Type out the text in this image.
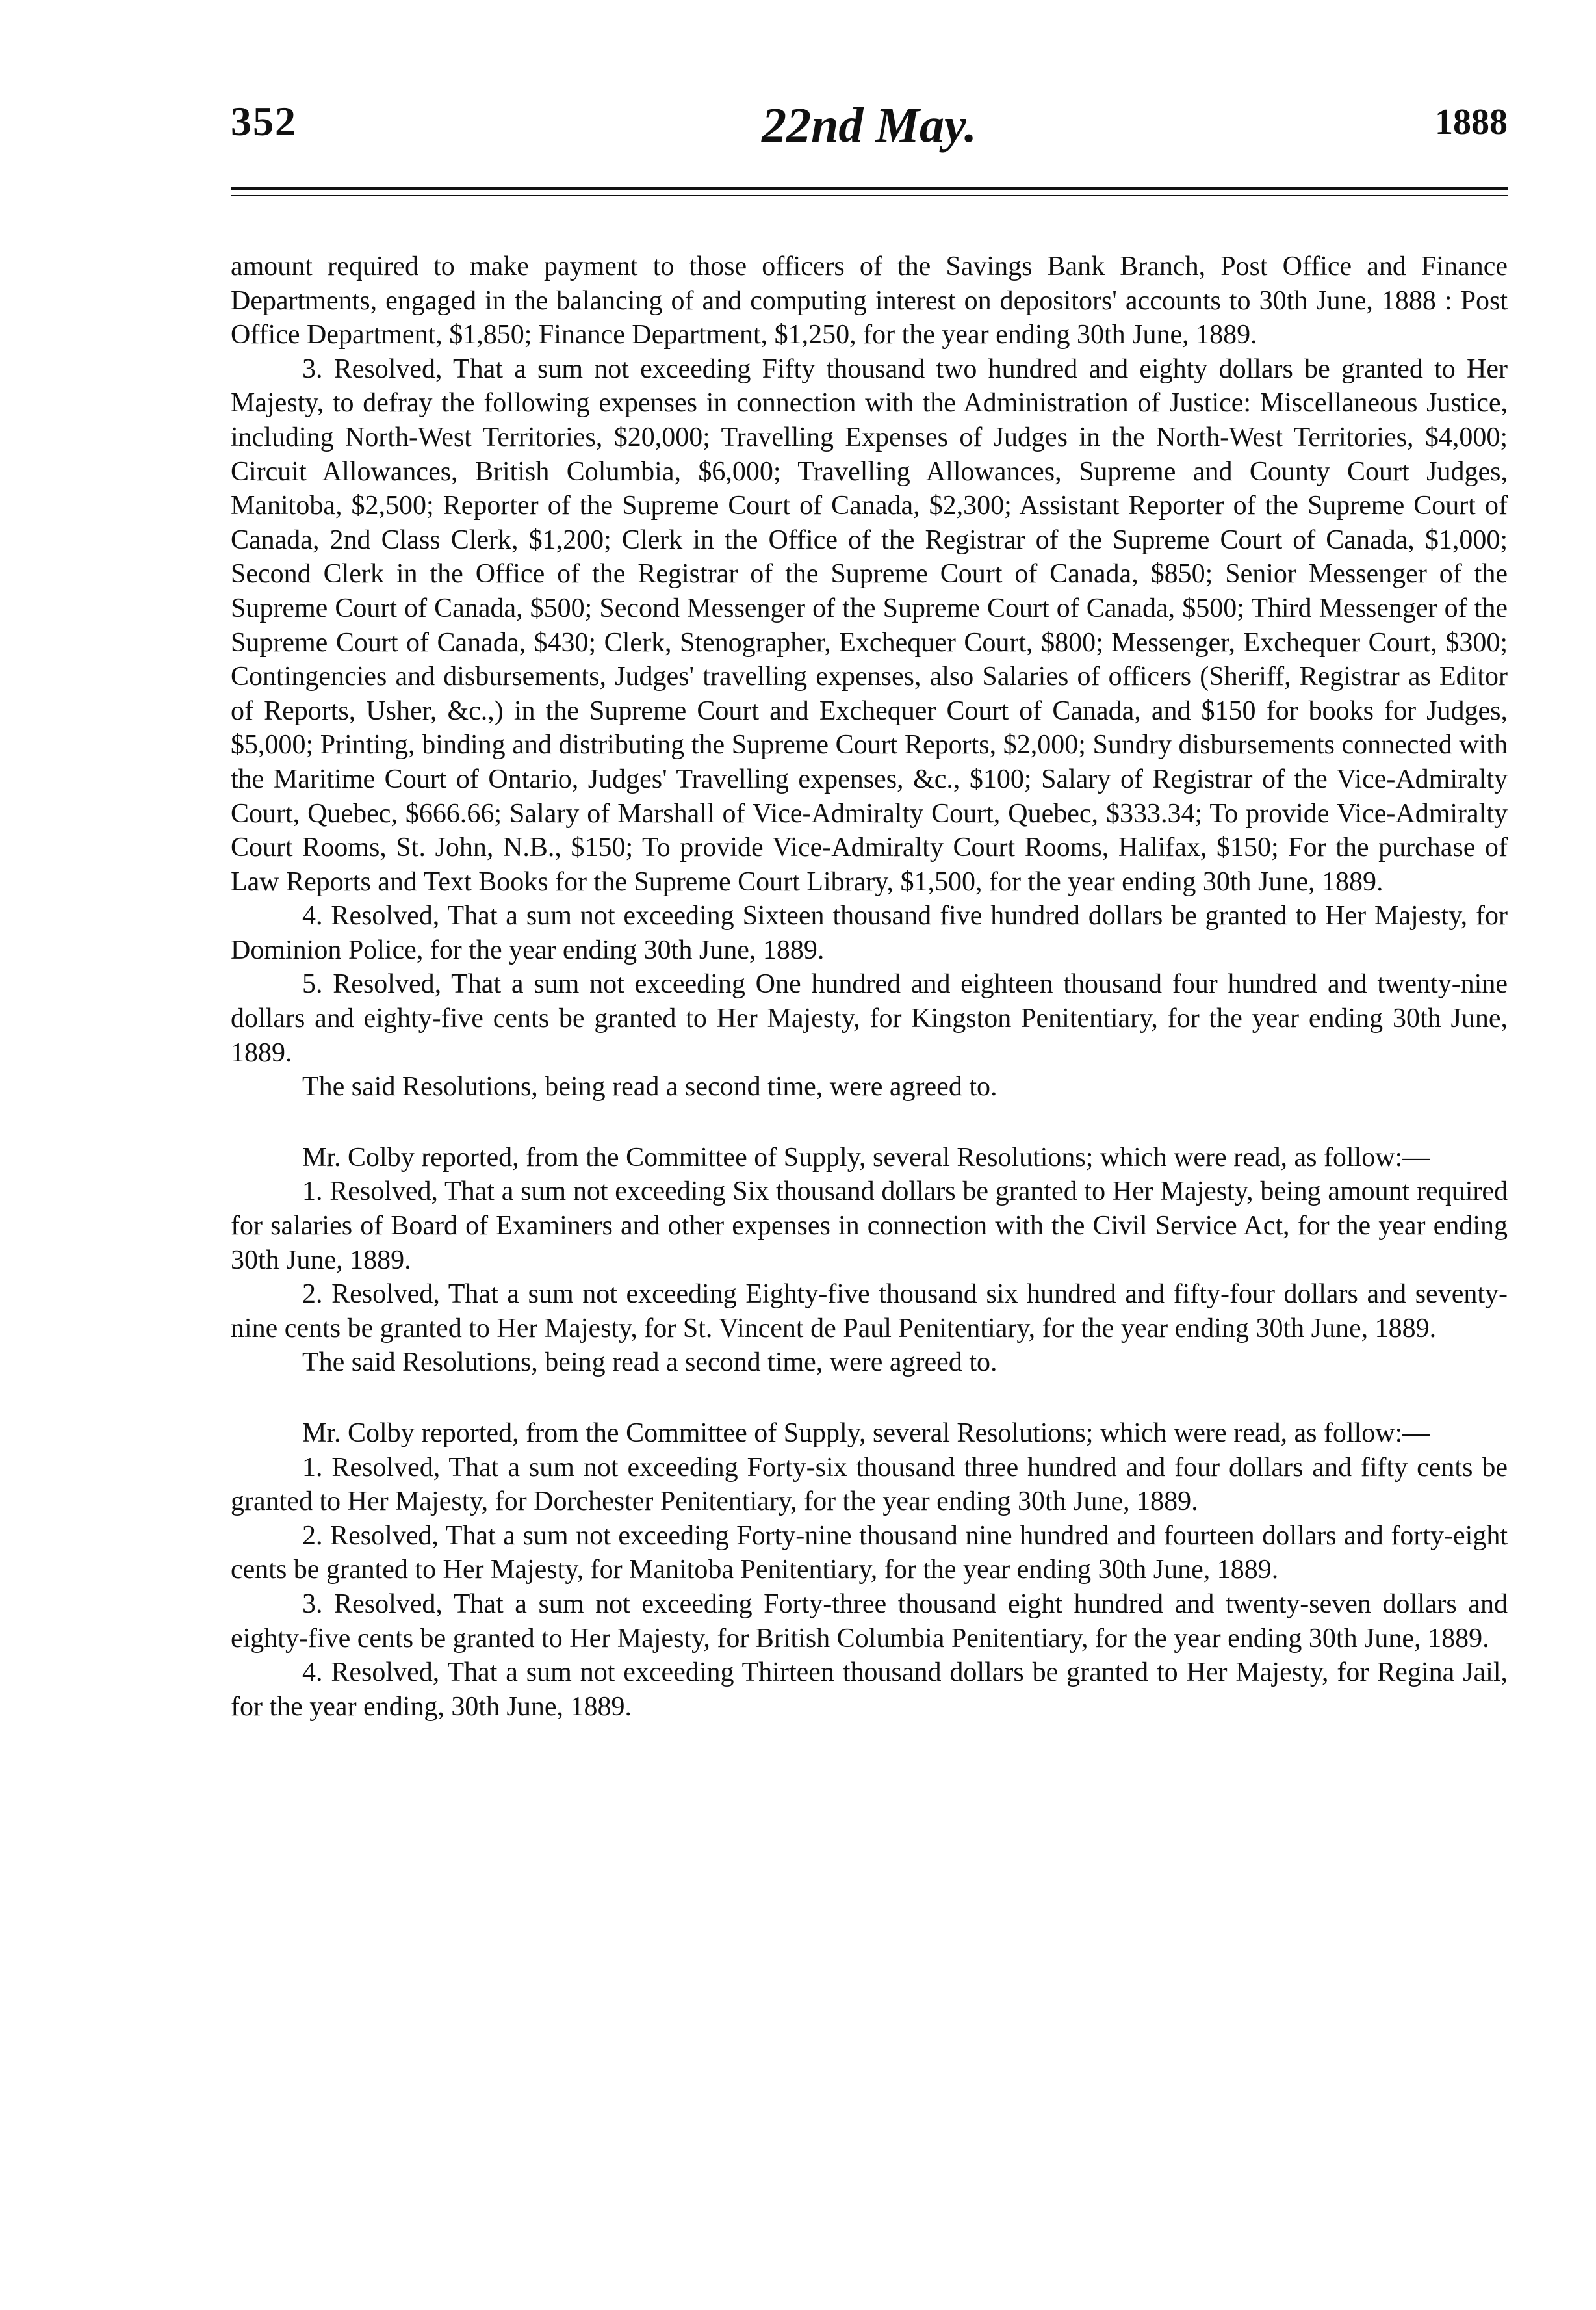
352	22nd May.	1888

amount required to make payment to those officers of the Savings Bank Branch, Post Office and Finance Departments, engaged in the balancing of and computing interest on depositors' accounts to 30th June, 1888 : Post Office Department, $1,850; Finance Department, $1,250, for the year ending 30th June, 1889.

3. Resolved, That a sum not exceeding Fifty thousand two hundred and eighty dollars be granted to Her Majesty, to defray the following expenses in connection with the Administration of Justice: Miscellaneous Justice, including North-West Territories, $20,000; Travelling Expenses of Judges in the North-West Territories, $4,000; Circuit Allowances, British Columbia, $6,000; Travelling Allowances, Supreme and County Court Judges, Manitoba, $2,500; Reporter of the Supreme Court of Canada, $2,300; Assistant Reporter of the Supreme Court of Canada, 2nd Class Clerk, $1,200; Clerk in the Office of the Registrar of the Supreme Court of Canada, $1,000; Second Clerk in the Office of the Registrar of the Supreme Court of Canada, $850; Senior Messenger of the Supreme Court of Canada, $500; Second Messenger of the Supreme Court of Canada, $500; Third Messenger of the Supreme Court of Canada, $430; Clerk, Stenographer, Exchequer Court, $800; Messenger, Exchequer Court, $300; Contingencies and disbursements, Judges' travelling expenses, also Salaries of officers (Sheriff, Registrar as Editor of Reports, Usher, &c.,) in the Supreme Court and Exchequer Court of Canada, and $150 for books for Judges, $5,000; Printing, binding and distributing the Supreme Court Reports, $2,000; Sundry disbursements connected with the Maritime Court of Ontario, Judges' Travelling expenses, &c., $100; Salary of Registrar of the Vice-Admiralty Court, Quebec, $666.66; Salary of Marshall of Vice-Admiralty Court, Quebec, $333.34; To provide Vice-Admiralty Court Rooms, St. John, N.B., $150; To provide Vice-Admiralty Court Rooms, Halifax, $150; For the purchase of Law Reports and Text Books for the Supreme Court Library, $1,500, for the year ending 30th June, 1889.

4. Resolved, That a sum not exceeding Sixteen thousand five hundred dollars be granted to Her Majesty, for Dominion Police, for the year ending 30th June, 1889.

5. Resolved, That a sum not exceeding One hundred and eighteen thousand four hundred and twenty-nine dollars and eighty-five cents be granted to Her Majesty, for Kingston Penitentiary, for the year ending 30th June, 1889.

The said Resolutions, being read a second time, were agreed to.

Mr. Colby reported, from the Committee of Supply, several Resolutions; which were read, as follow:—

1. Resolved, That a sum not exceeding Six thousand dollars be granted to Her Majesty, being amount required for salaries of Board of Examiners and other expenses in connection with the Civil Service Act, for the year ending 30th June, 1889.

2. Resolved, That a sum not exceeding Eighty-five thousand six hundred and fifty-four dollars and seventy-nine cents be granted to Her Majesty, for St. Vincent de Paul Penitentiary, for the year ending 30th June, 1889.

The said Resolutions, being read a second time, were agreed to.

Mr. Colby reported, from the Committee of Supply, several Resolutions; which were read, as follow:—

1. Resolved, That a sum not exceeding Forty-six thousand three hundred and four dollars and fifty cents be granted to Her Majesty, for Dorchester Penitentiary, for the year ending 30th June, 1889.

2. Resolved, That a sum not exceeding Forty-nine thousand nine hundred and fourteen dollars and forty-eight cents be granted to Her Majesty, for Manitoba Penitentiary, for the year ending 30th June, 1889.

3. Resolved, That a sum not exceeding Forty-three thousand eight hundred and twenty-seven dollars and eighty-five cents be granted to Her Majesty, for British Columbia Penitentiary, for the year ending 30th June, 1889.

4. Resolved, That a sum not exceeding Thirteen thousand dollars be granted to Her Majesty, for Regina Jail, for the year ending, 30th June, 1889.
